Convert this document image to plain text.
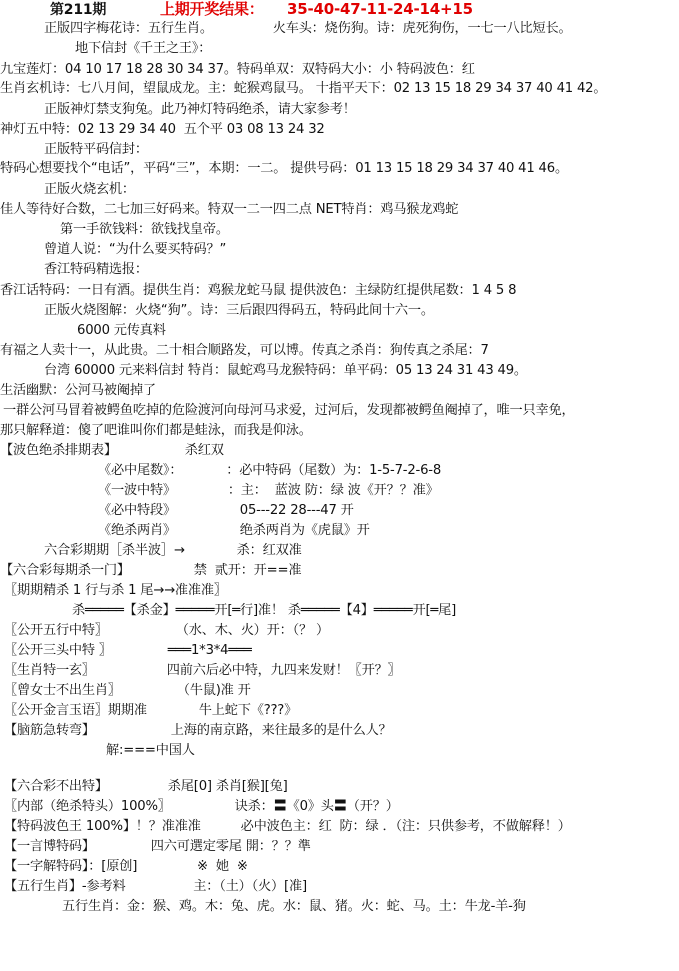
第211期	上期开奖结果： 35-40-47-11-24-14+15
正版四字梅花诗：五行生肖。               火车头：烧伤狗。诗：虎死狗伤，一七一八比短长。
地下信封《千王之王》：
九宝莲灯：04 10 17 18 28 30 34 37。特码单双：双特码大小：小 特码波色：红
生肖玄机诗：七八月间，望鼠成龙。主：蛇猴鸡鼠马。 十指平天下：02 13 15 18 29 34 37 40 41 42。
正版神灯禁支狗兔。此乃神灯特码绝杀，请大家参考！
神灯五中特：02 13 29 34 40  五个平 03 08 13 24 32
正版特平码信封：
特码心想要找个“电话”，平码“三”，本期：一二。 提供号码：01 13 15 18 29 34 37 40 41 46。
正版火烧玄机：
佳人等待好合数，二七加三好码来。特双一二一四二点 NET特肖：鸡马猴龙鸡蛇
第一手欲钱料：欲钱找皇帝。
曾道人说：“为什么要买特码？”
香江特码精选报：
香江话特码：一日有酒。提供生肖：鸡猴龙蛇马鼠 提供波色：主绿防红提供尾数：1 4 5 8
正版火烧图解：火烧“狗”。诗：三后跟四得码五，特码此间十六一。
6000 元传真料
有福之人卖十一，从此贵。二十相合顺路发，可以博。传真之杀肖：狗传真之杀尾：7
台湾 60000 元来料信封 特肖：鼠蛇鸡马龙猴特码：单平码：05 13 24 31 43 49。
生活幽默：公河马被阉掉了
一群公河马冒着被鳄鱼吃掉的危险渡河向母河马求爱，过河后，发现都被鳄鱼阉掉了，唯一只幸免，
那只解释道：傻了吧谁叫你们都是蛙泳，而我是仰泳。
【波色绝杀排期表】                 杀红双
《必中尾数》：           ：必中特码（尾数）为：1-5-7-2-6-8
《一波中特》             ：主：  蓝波 防：绿 波《开？？准》
《必中特段》                05---22 28---47 开
《绝杀两肖》                绝杀两肖为《虎鼠》开
六合彩期期［杀半波］→             杀：红双准
【六合彩每期杀一门】                禁  贰开：开==准
〖期期精杀 1 行与杀 1 尾→→准准准〗
杀═════【杀金】═════开[═行]准！ 杀═════【4】═════开[═尾]
〖公开五行中特〗                 （水、木、火）开：（？ ）
〖公开三头中特 〗              ═══1*3*4═══
〖生肖特一玄〗                  四前六后必中特，九四来发财！〖开？〗
〖曾女士不出生肖〗              （牛鼠)准 开
〖公开金言玉语〗期期准             牛上蛇下《???》
【脑筋急转弯】                   上海的南京路，来往最多的是什么人？
解:===中国人
【六合彩不出特】               杀尾[0] 杀肖[猴][兔]
〖内部（绝杀特头）100%〗                诀杀：〓《0》头〓（开？）
【特码波色王 100%】！？准准准          必中波色主：红  防：绿 ．（注：只供参考，不做解释！）
【一言博特码】              四六可選定零尾 開：？？準
【一字解特码】：[原创]               ※  她  ※
【五行生肖】-参考料                 主：（土）（火）[准]
五行生肖：金：猴、鸡。木：兔、虎。水：鼠、猪。火：蛇、马。土：牛龙-羊-狗
